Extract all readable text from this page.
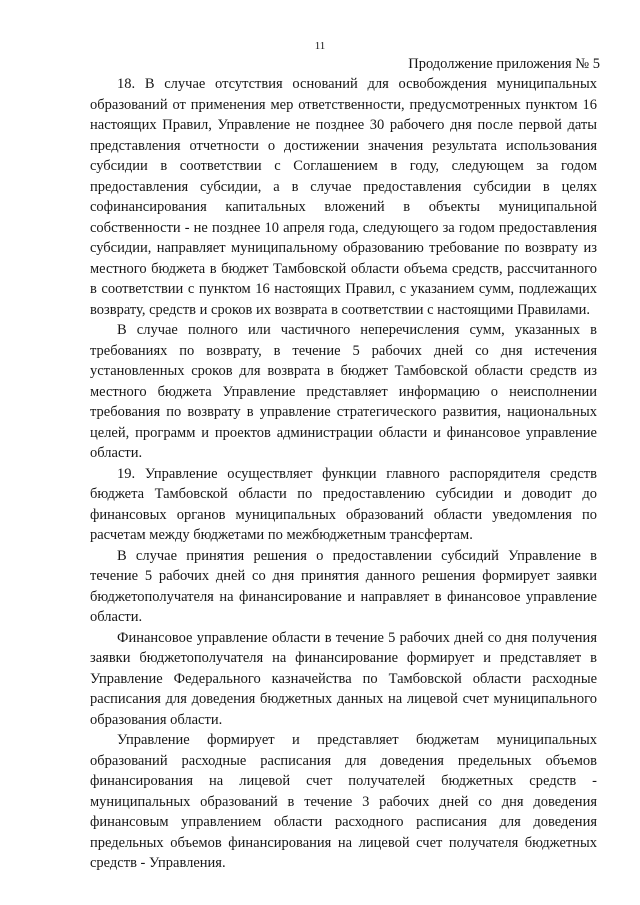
11
Продолжение приложения № 5

18. В случае отсутствия оснований для освобождения муниципальных образований от применения мер ответственности, предусмотренных пунктом 16 настоящих Правил, Управление не позднее 30 рабочего дня после первой даты представления отчетности о достижении значения результата использования субсидии в соответствии с Соглашением в году, следующем за годом предоставления субсидии, а в случае предоставления субсидии в целях софинансирования капитальных вложений в объекты муниципальной собственности - не позднее 10 апреля года, следующего за годом предоставления субсидии, направляет муниципальному образованию требование по возврату из местного бюджета в бюджет Тамбовской области объема средств, рассчитанного в соответствии с пунктом 16 настоящих Правил, с указанием сумм, подлежащих возврату, средств и сроков их возврата в соответствии с настоящими Правилами.

В случае полного или частичного неперечисления сумм, указанных в требованиях по возврату, в течение 5 рабочих дней со дня истечения установленных сроков для возврата в бюджет Тамбовской области средств из местного бюджета Управление представляет информацию о неисполнении требования по возврату в управление стратегического развития, национальных целей, программ и проектов администрации области и финансовое управление области.

19. Управление осуществляет функции главного распорядителя средств бюджета Тамбовской области по предоставлению субсидии и доводит до финансовых органов муниципальных образований области уведомления по расчетам между бюджетами по межбюджетным трансфертам.

В случае принятия решения о предоставлении субсидий Управление в течение 5 рабочих дней со дня принятия данного решения формирует заявки бюджетополучателя на финансирование и направляет в финансовое управление области.

Финансовое управление области в течение 5 рабочих дней со дня получения заявки бюджетополучателя на финансирование формирует и представляет в Управление Федерального казначейства по Тамбовской области расходные расписания для доведения бюджетных данных на лицевой счет муниципального образования области.

Управление формирует и представляет бюджетам муниципальных образований расходные расписания для доведения предельных объемов финансирования на лицевой счет получателей бюджетных средств - муниципальных образований в течение 3 рабочих дней со дня доведения финансовым управлением области расходного расписания для доведения предельных объемов финансирования на лицевой счет получателя бюджетных средств - Управления.
